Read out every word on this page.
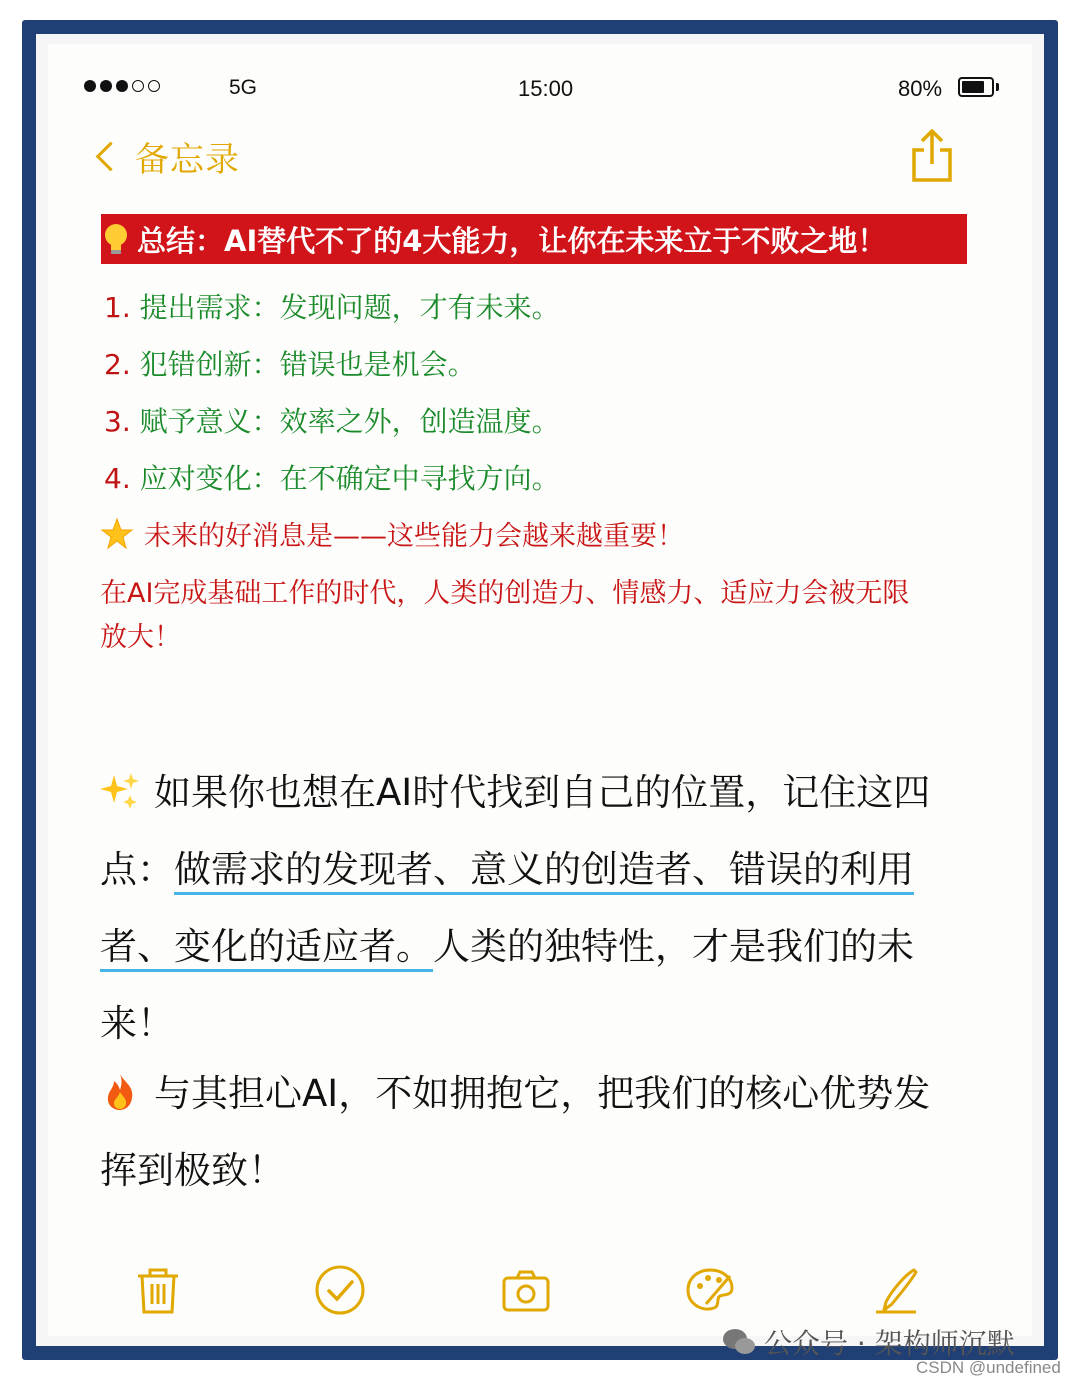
5G	15:00	80%
备忘录
总结：AI替代不了的4大能力，让你在未来立于不败之地！
1. 提出需求：发现问题，才有未来。
2. 犯错创新：错误也是机会。
3. 赋予意义：效率之外，创造温度。
4. 应对变化：在不确定中寻找方向。
未来的好消息是——这些能力会越来越重要！
在AI完成基础工作的时代，人类的创造力、情感力、适应力会被无限
放大！
如果你也想在AI时代找到自己的位置，记住这四
点：做需求的发现者、意义的创造者、错误的利用
者、变化的适应者。人类的独特性，才是我们的未
来！
与其担心AI，不如拥抱它，把我们的核心优势发
挥到极致！
公众号 · 架构师沉默
CSDN @undefined
